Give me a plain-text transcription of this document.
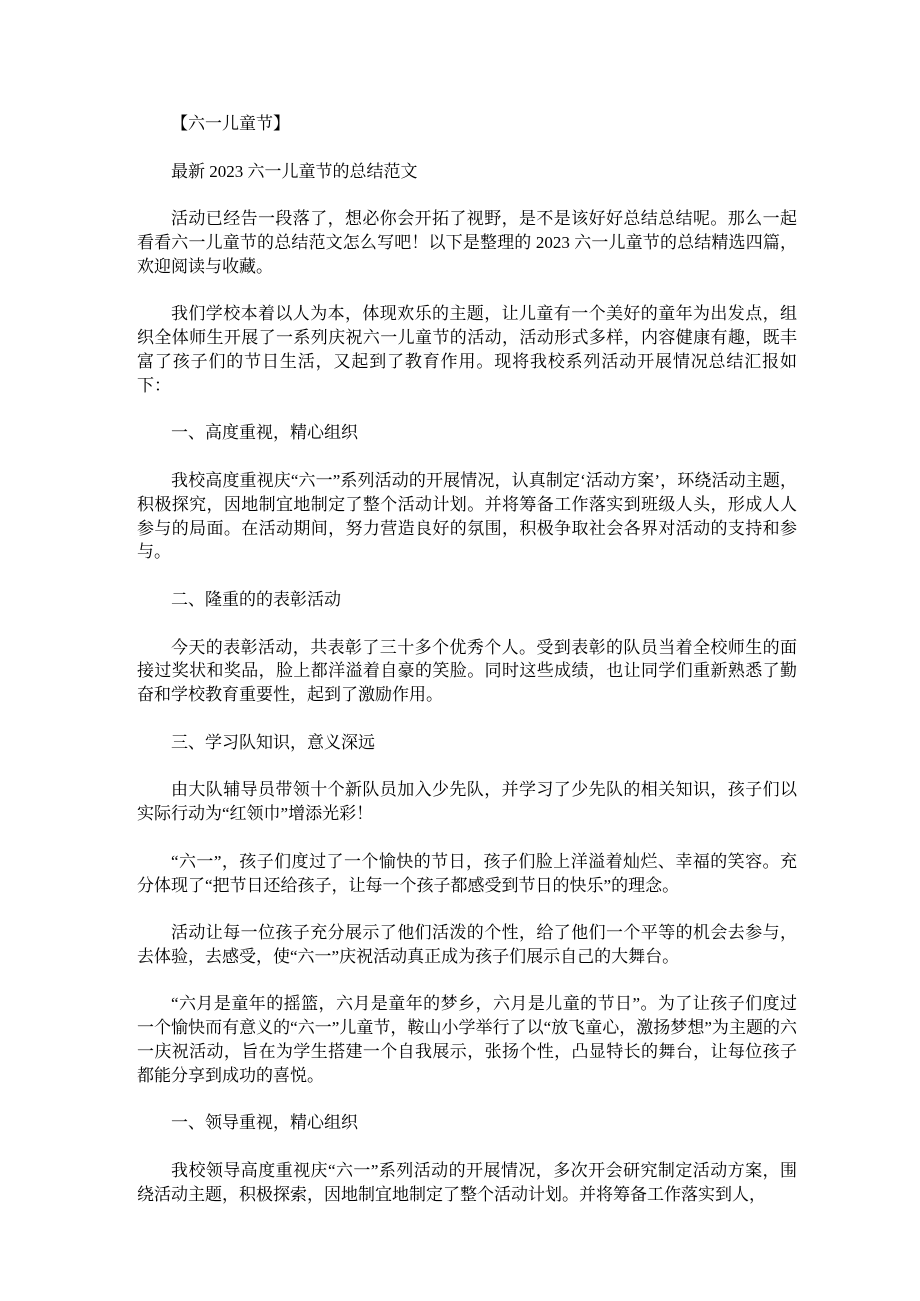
【六一儿童节】

最新 2023 六一儿童节的总结范文

活动已经告一段落了，想必你会开拓了视野，是不是该好好总结总结呢。那么一起看看六一儿童节的总结范文怎么写吧！以下是整理的 2023 六一儿童节的总结精选四篇，欢迎阅读与收藏。

我们学校本着以人为本，体现欢乐的主题，让儿童有一个美好的童年为出发点，组织全体师生开展了一系列庆祝六一儿童节的活动，活动形式多样，内容健康有趣，既丰富了孩子们的节日生活，又起到了教育作用。现将我校系列活动开展情况总结汇报如下：

一、高度重视，精心组织

我校高度重视庆“六一”系列活动的开展情况，认真制定‘活动方案’，环绕活动主题，积极探究，因地制宜地制定了整个活动计划。并将筹备工作落实到班级人头，形成人人参与的局面。在活动期间，努力营造良好的氛围，积极争取社会各界对活动的支持和参与。

二、隆重的的表彰活动

今天的表彰活动，共表彰了三十多个优秀个人。受到表彰的队员当着全校师生的面接过奖状和奖品，脸上都洋溢着自豪的笑脸。同时这些成绩，也让同学们重新熟悉了勤奋和学校教育重要性，起到了激励作用。

三、学习队知识，意义深远

由大队辅导员带领十个新队员加入少先队，并学习了少先队的相关知识，孩子们以实际行动为“红领巾”增添光彩！

“六一”，孩子们度过了一个愉快的节日，孩子们脸上洋溢着灿烂、幸福的笑容。充分体现了“把节日还给孩子，让每一个孩子都感受到节日的快乐”的理念。

活动让每一位孩子充分展示了他们活泼的个性，给了他们一个平等的机会去参与，去体验，去感受，使“六一”庆祝活动真正成为孩子们展示自己的大舞台。

“六月是童年的摇篮，六月是童年的梦乡，六月是儿童的节日”。为了让孩子们度过一个愉快而有意义的“六一”儿童节，鞍山小学举行了以“放飞童心，激扬梦想”为主题的六一庆祝活动，旨在为学生搭建一个自我展示，张扬个性，凸显特长的舞台，让每位孩子都能分享到成功的喜悦。

一、领导重视，精心组织

我校领导高度重视庆“六一”系列活动的开展情况，多次开会研究制定活动方案，围绕活动主题，积极探索，因地制宜地制定了整个活动计划。并将筹备工作落实到人，
